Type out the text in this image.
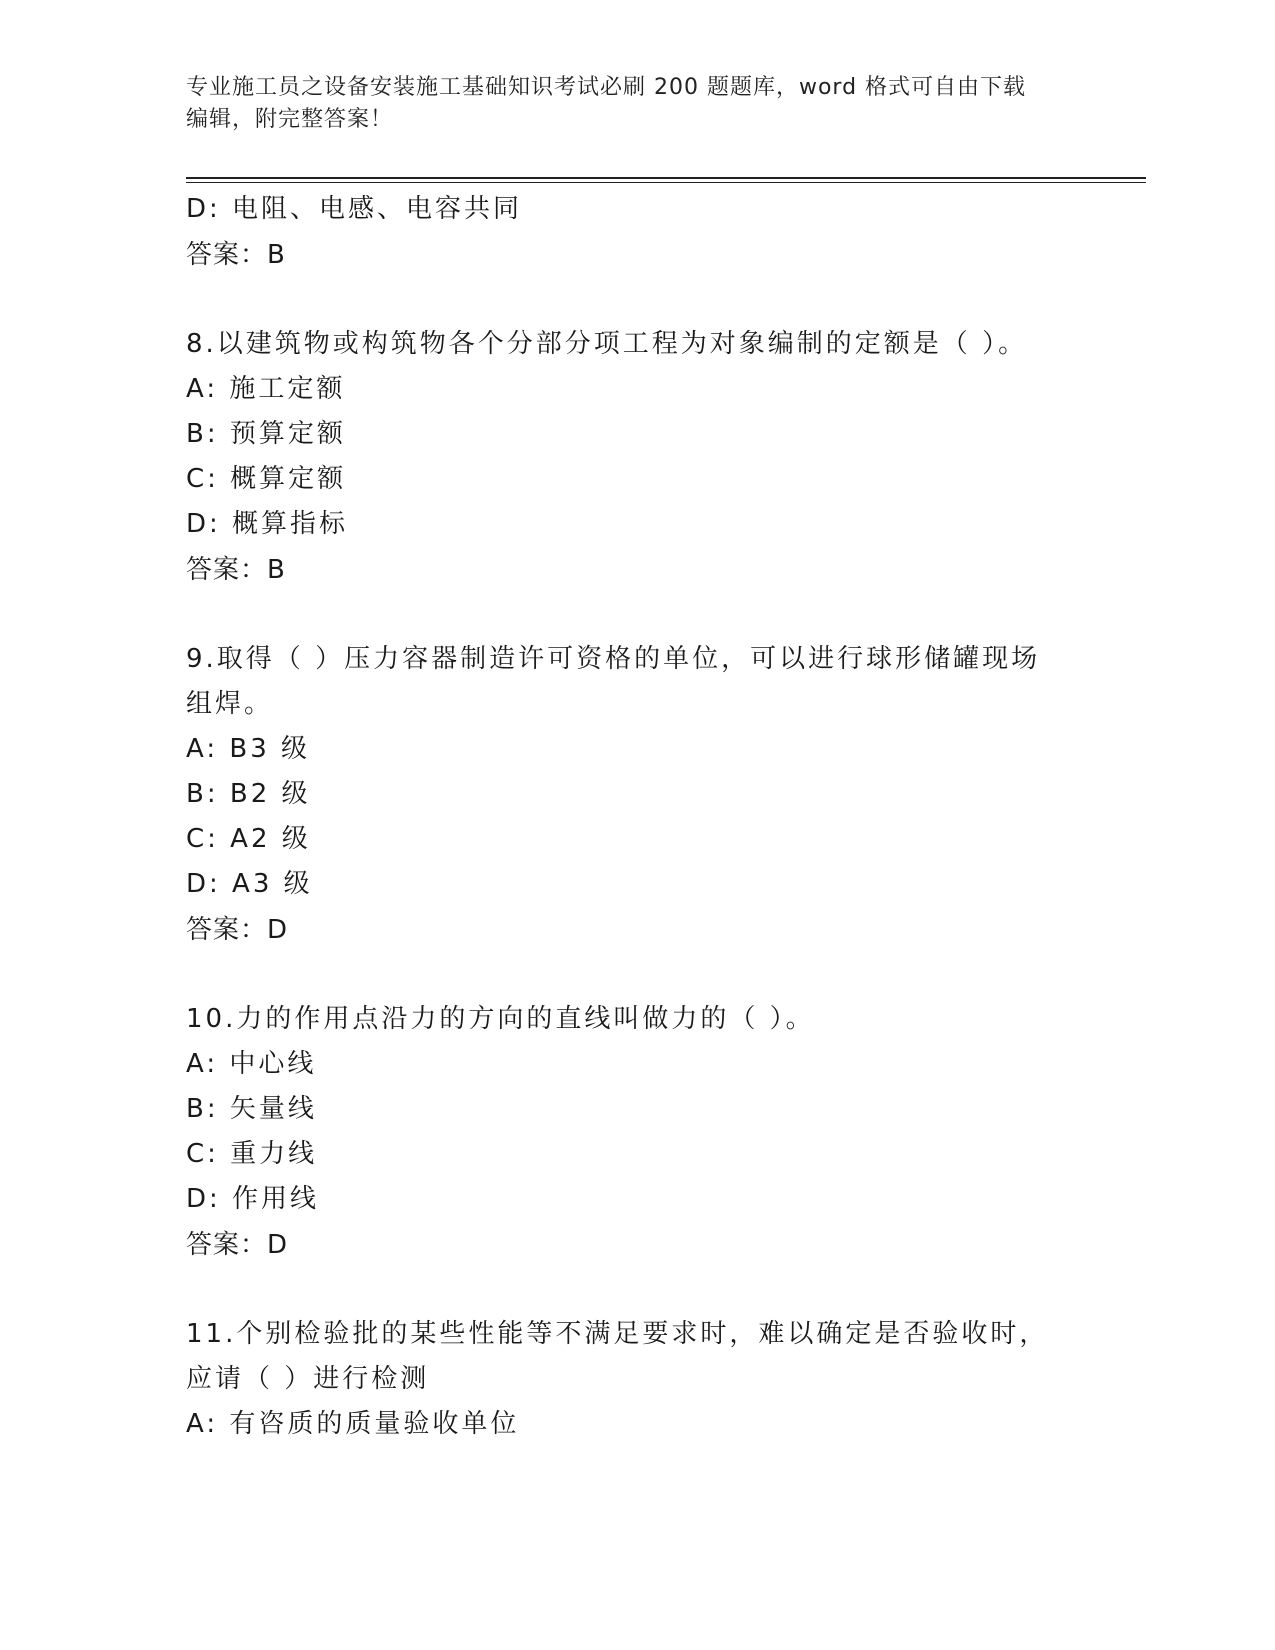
专业施工员之设备安装施工基础知识考试必刷 200 题题库，word 格式可自由下载
编辑，附完整答案！
D: 电阻、电感、电容共同
答案：B
8.以建筑物或构筑物各个分部分项工程为对象编制的定额是（ ）。
A: 施工定额
B: 预算定额
C: 概算定额
D: 概算指标
答案：B
9.取得（ ）压力容器制造许可资格的单位，可以进行球形储罐现场组焊。
A: B3 级
B: B2 级
C: A2 级
D: A3 级
答案：D
10.力的作用点沿力的方向的直线叫做力的（ ）。
A: 中心线
B: 矢量线
C: 重力线
D: 作用线
答案：D
11.个别检验批的某些性能等不满足要求时，难以确定是否验收时，应请（ ）进行检测
A: 有咨质的质量验收单位
